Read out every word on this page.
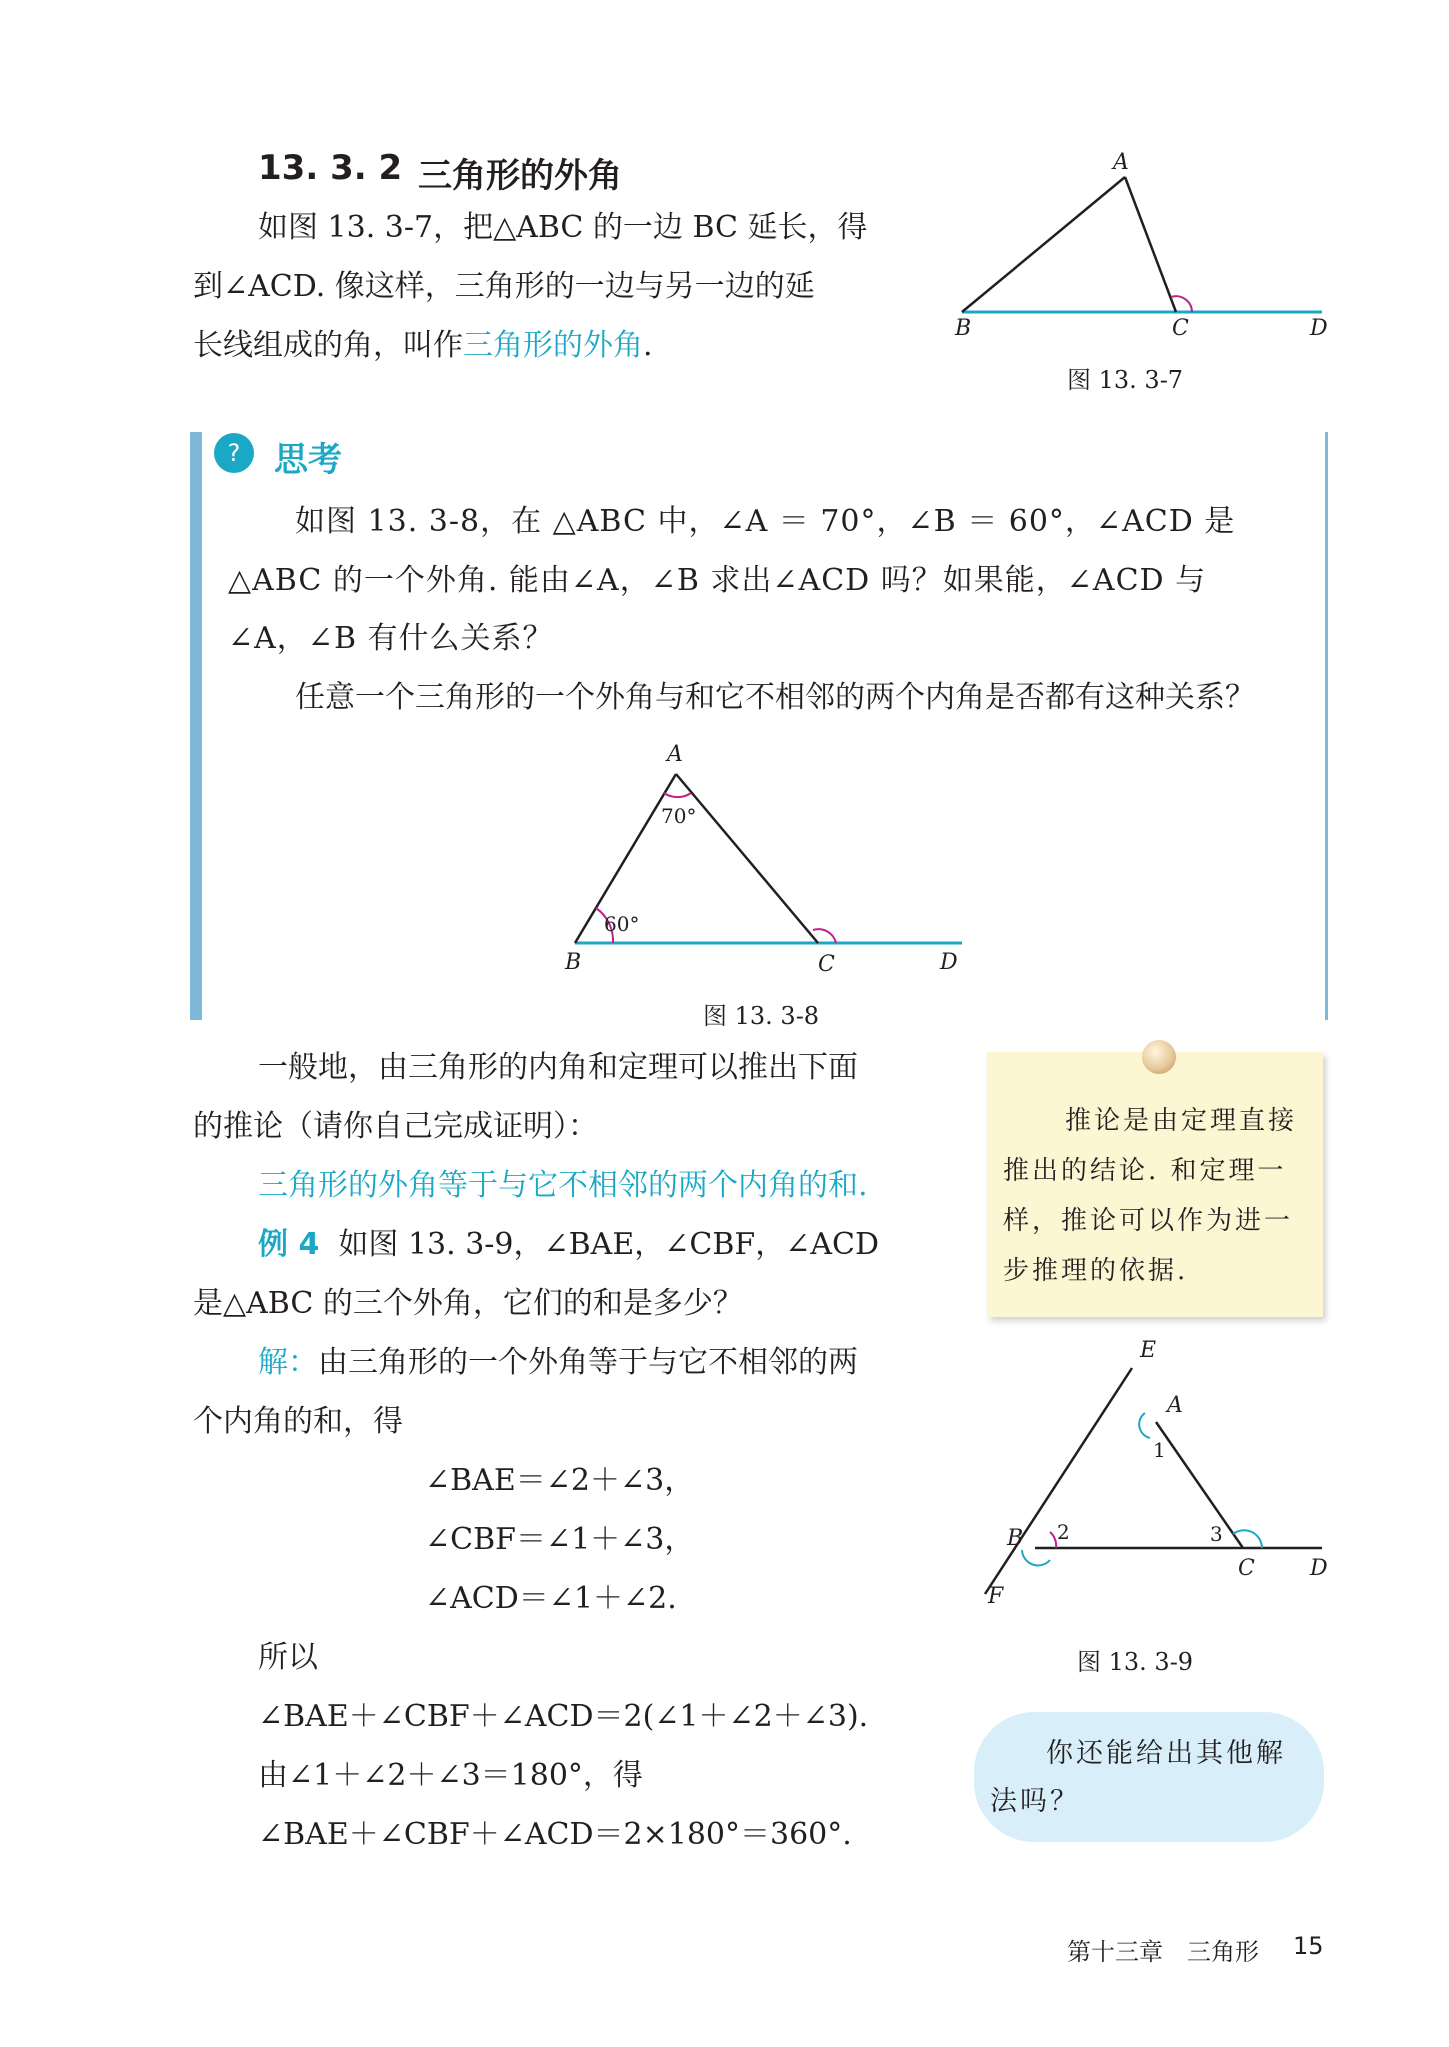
13. 3. 2 三角形的外角
如图 13. 3-7，把△ABC 的一边 BC 延长，得
到∠ACD. 像这样，三角形的一边与另一边的延
长线组成的角，叫作三角形的外角.
A
B	C	D
图 13. 3-7
? 思考
如图 13. 3-8，在 △ABC 中，∠A ＝ 70°，∠B ＝ 60°，∠ACD 是
△ABC 的一个外角. 能由∠A，∠B 求出∠ACD 吗？如果能，∠ACD 与
∠A，∠B 有什么关系？
任意一个三角形的一个外角与和它不相邻的两个内角是否都有这种关系？
A
70°
60°
B	C	D
图 13. 3-8
一般地，由三角形的内角和定理可以推出下面
的推论（请你自己完成证明）：
三角形的外角等于与它不相邻的两个内角的和.
例 4 如图 13. 3-9，∠BAE，∠CBF，∠ACD
是△ABC 的三个外角，它们的和是多少？
解：由三角形的一个外角等于与它不相邻的两
个内角的和，得
∠BAE＝∠2＋∠3，
∠CBF＝∠1＋∠3，
∠ACD＝∠1＋∠2.
所以
∠BAE＋∠CBF＋∠ACD＝2(∠1＋∠2＋∠3).
由∠1＋∠2＋∠3＝180°，得
∠BAE＋∠CBF＋∠ACD＝2×180°＝360°.
推论是由定理直接推出的结论. 和定理一样，推论可以作为进一步推理的依据.
E
A
1
B 2	3
C	D
F
图 13. 3-9
你还能给出其他解法吗？
第十三章　三角形 15
